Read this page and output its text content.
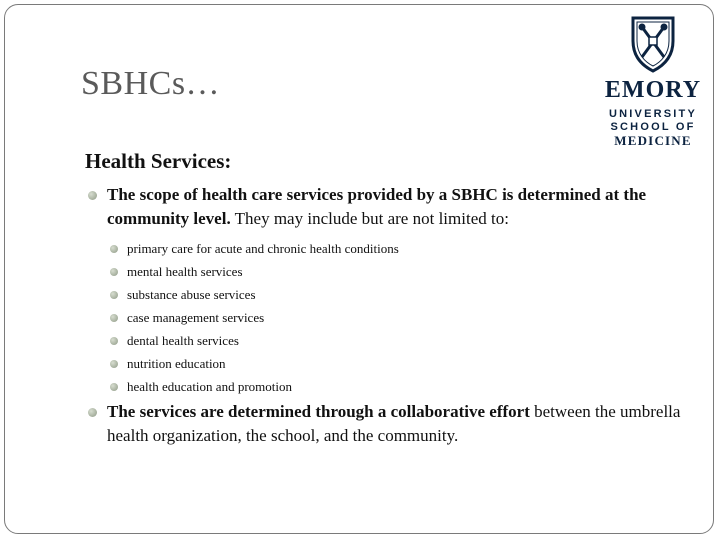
SBHCs…	EMORY
UNIVERSITY
SCHOOL OF
MEDICINE
Health Services:
The scope of health care services provided by a SBHC is determined at the community level. They may include but are not limited to:
primary care for acute and chronic health conditions
mental health services
substance abuse services
case management services
dental health services
nutrition education
health education and promotion
The services are determined through a collaborative effort between the umbrella health organization, the school, and the community.
